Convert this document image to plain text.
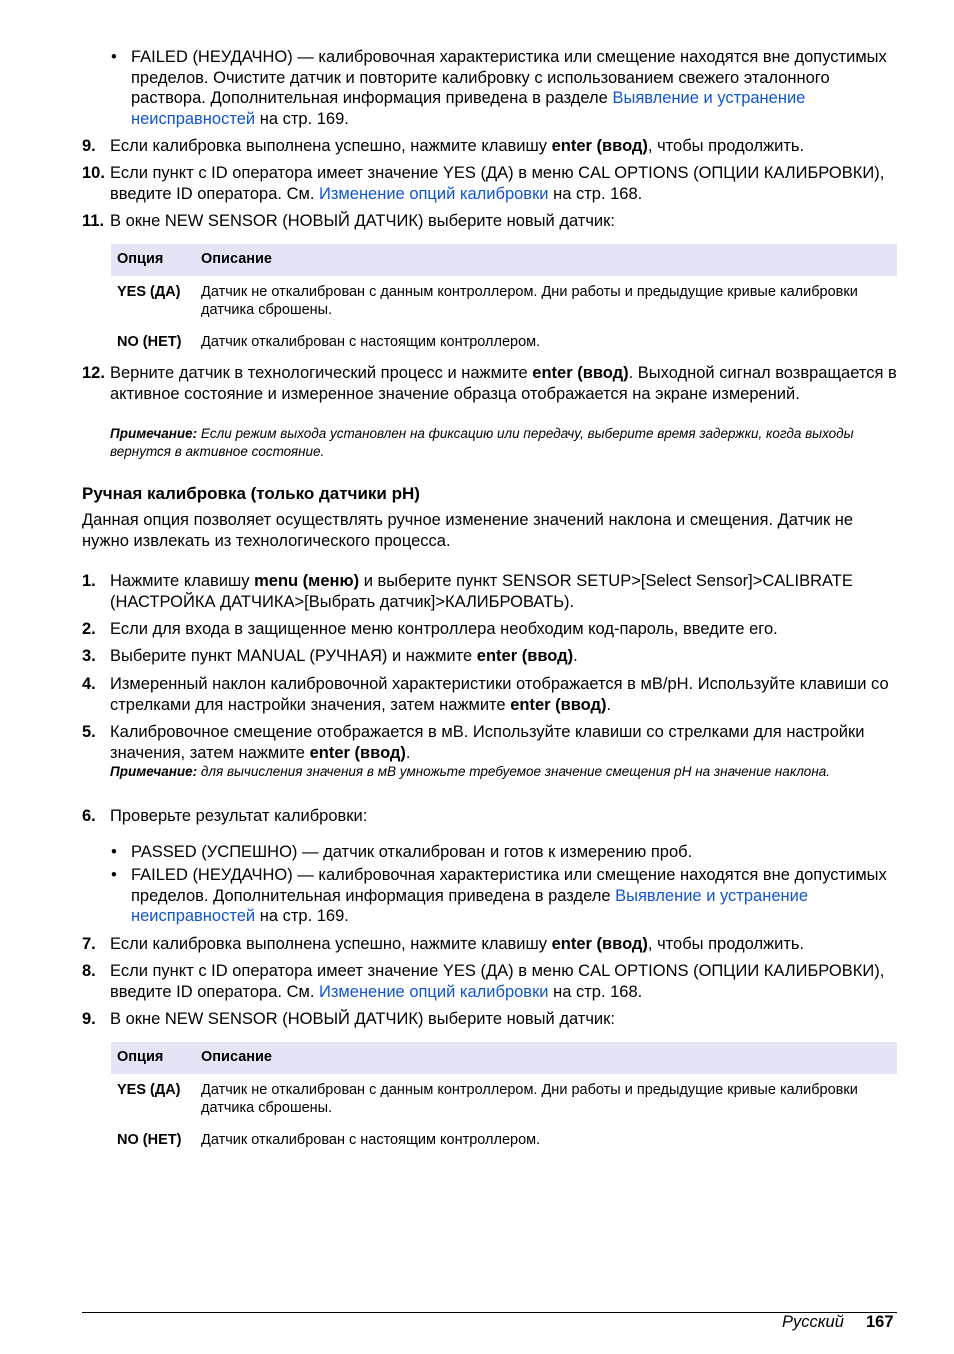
• FAILED (НЕУДАЧНО) — калибровочная характеристика или смещение находятся вне допустимых пределов. Очистите датчик и повторите калибровку с использованием свежего эталонного раствора. Дополнительная информация приведена в разделе Выявление и устранение неисправностей на стр. 169.
9. Если калибровка выполнена успешно, нажмите клавишу enter (ввод), чтобы продолжить.
10. Если пункт с ID оператора имеет значение YES (ДА) в меню CAL OPTIONS (ОПЦИИ КАЛИБРОВКИ), введите ID оператора. См. Изменение опций калибровки на стр. 168.
11. В окне NEW SENSOR (НОВЫЙ ДАТЧИК) выберите новый датчик:
Опция	Описание
YES (ДА) Датчик не откалиброван с данным контроллером. Дни работы и предыдущие кривые калибровки датчика сброшены.
NO (НЕТ) Датчик откалиброван с настоящим контроллером.
12. Верните датчик в технологический процесс и нажмите enter (ввод). Выходной сигнал возвращается в активное состояние и измеренное значение образца отображается на экране измерений.
Примечание: Если режим выхода установлен на фиксацию или передачу, выберите время задержки, когда выходы вернутся в активное состояние.
Ручная калибровка (только датчики pH)
Данная опция позволяет осуществлять ручное изменение значений наклона и смещения. Датчик не нужно извлекать из технологического процесса.
1. Нажмите клавишу menu (меню) и выберите пункт SENSOR SETUP>[Select Sensor]>CALIBRATE (НАСТРОЙКА ДАТЧИКА>[Выбрать датчик]>КАЛИБРОВАТЬ).
2. Если для входа в защищенное меню контроллера необходим код-пароль, введите его.
3. Выберите пункт MANUAL (РУЧНАЯ) и нажмите enter (ввод).
4. Измеренный наклон калибровочной характеристики отображается в мВ/pH. Используйте клавиши со стрелками для настройки значения, затем нажмите enter (ввод).
5. Калибровочное смещение отображается в мВ. Используйте клавиши со стрелками для настройки значения, затем нажмите enter (ввод).
Примечание: для вычисления значения в мВ умножьте требуемое значение смещения pH на значение наклона.
6. Проверьте результат калибровки:
• PASSED (УСПЕШНО) — датчик откалиброван и готов к измерению проб.
• FAILED (НЕУДАЧНО) — калибровочная характеристика или смещение находятся вне допустимых пределов. Дополнительная информация приведена в разделе Выявление и устранение неисправностей на стр. 169.
7. Если калибровка выполнена успешно, нажмите клавишу enter (ввод), чтобы продолжить.
8. Если пункт с ID оператора имеет значение YES (ДА) в меню CAL OPTIONS (ОПЦИИ КАЛИБРОВКИ), введите ID оператора. См. Изменение опций калибровки на стр. 168.
9. В окне NEW SENSOR (НОВЫЙ ДАТЧИК) выберите новый датчик:
Опция	Описание
YES (ДА) Датчик не откалиброван с данным контроллером. Дни работы и предыдущие кривые калибровки датчика сброшены.
NO (НЕТ) Датчик откалиброван с настоящим контроллером.
Русский 167
